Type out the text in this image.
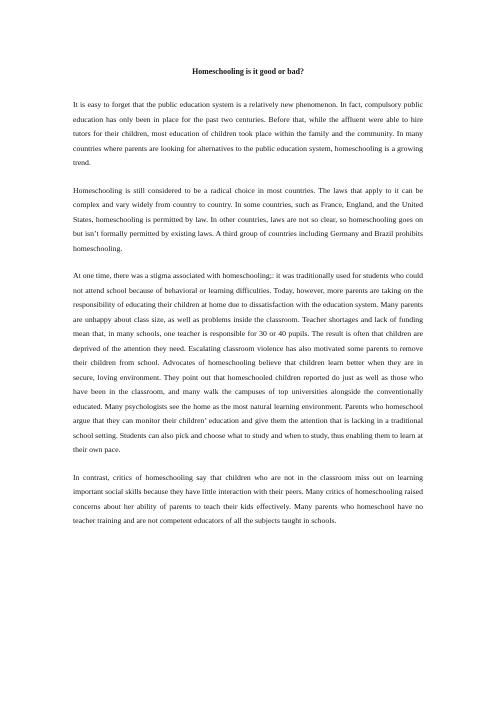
Homeschooling is it good or bad?

It is easy to forget that the public education system is a relatively new phenomenon. In fact, compulsory public education has only been in place for the past two centuries. Before that, while the affluent were able to hire tutors for their children, most education of children took place within the family and the community. In many countries where parents are looking for alternatives to the public education system, homeschooling is a growing trend.

Homeschooling is still considered to be a radical choice in most countries. The laws that apply to it can be complex and vary widely from country to country. In some countries, such as France, England, and the United States, homeschooling is permitted by law. In other countries, laws are not so clear, so homeschooling goes on but isn’t formally permitted by existing laws. A third group of countries including Germany and Brazil prohibits homeschooling.

At one time, there was a stigma associated with homeschooling;: it was traditionally used for students who could not attend school because of behavioral or learning difficulties. Today, however, more parents are taking on the responsibility of educating their children at home due to dissatisfaction with the education system. Many parents are unhappy about class size, as well as problems inside the classroom. Teacher shortages and lack of funding mean that, in many schools, one teacher is responsible for 30 or 40 pupils. The result is often that children are deprived of the attention they need. Escalating classroom violence has also motivated some parents to remove their children from school. Advocates of homeschooling believe that children learn better when they are in secure, loving environment. They point out that homeschooled children reported do just as well as those who have been in the classroom, and many walk the campuses of top universities alongside the conventionally educated. Many psychologists see the home as the most natural learning environment. Parents who homeschool argue that they can monitor their children’ education and give them the attention that is lacking in a traditional school setting. Students can also pick and choose what to study and when to study, thus enabling them to learn at their own pace.

In contrast, critics of homeschooling say that children who are not in the classroom miss out on learning important social skills because they have little interaction with their peers. Many critics of homeschooling raised concerns about her ability of parents to teach their kids effectively. Many parents who homeschool have no teacher training and are not competent educators of all the subjects taught in schools.
